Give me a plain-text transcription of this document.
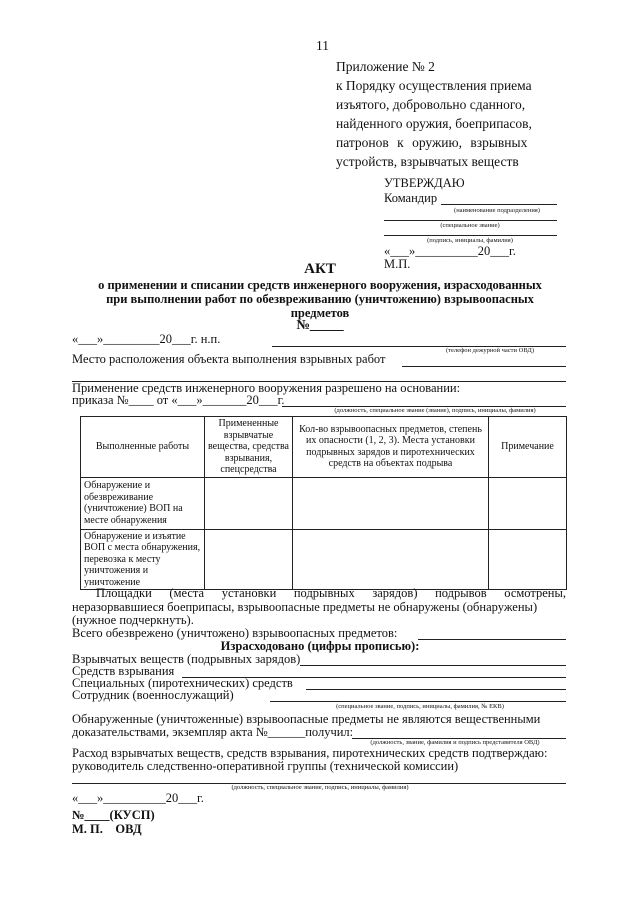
11
Приложение № 2
к Порядку осуществления приема
изъятого, добровольно сданного,
найденного оружия, боеприпасов,
патронов к оружию, взрывных
устройств, взрывчатых веществ
УТВЕРЖДАЮ
Командир
(наименование подразделения)
(специальное звание)
(подпись, инициалы, фамилия)
«___»__________20___г.
М.П.
АКТ
о применении и списании средств инженерного вооружения, израсходованных
при выполнении работ по обезвреживанию (уничтожению) взрывоопасных
предметов
№_____
«___»_________20___г. н.п.
(телефон дежурной части ОВД)
Место расположения объекта выполнения взрывных работ
Применение средств инженерного вооружения разрешено на основании:
приказа №____ от «___»_______20___г.
(должность, специальное звание (звание), подпись, инициалы, фамилия)
Выполненные работы	Примененные взрывчатые вещества, средства взрывания, спецсредства	Кол-во взрывоопасных предметов, степень их опасности (1, 2, 3). Места установки подрывных зарядов и пиротехнических средств на объектах подрыва	Примечание
Обнаружение и обезвреживание (уничтожение) ВОП на месте обнаружения			
Обнаружение и изъятие ВОП с места обнаружения, перевозка к месту уничтожения и уничтожение			
Площадки (места установки подрывных зарядов) подрывов осмотрены,
неразорвавшиеся боеприпасы, взрывоопасные предметы не обнаружены (обнаружены)
(нужное подчеркнуть).
Всего обезврежено (уничтожено) взрывоопасных предметов:
Израсходовано (цифры прописью):
Взрывчатых веществ (подрывных зарядов)
Средств взрывания
Специальных (пиротехнических) средств
Сотрудник (военнослужащий)
(специальное звание, подпись, инициалы, фамилия, № ЕКВ)
Обнаруженные (уничтоженные) взрывоопасные предметы не являются вещественными
доказательствами, экземпляр акта №______получил:
(должность, звание, фамилия и подпись представителя ОВД)
Расход взрывчатых веществ, средств взрывания, пиротехнических средств подтверждаю:
руководитель следственно-оперативной группы (технической комиссии)
(должность, специальное звание, подпись, инициалы, фамилия)
«___»__________20___г.
№____(КУСП)
М. П.    ОВД
